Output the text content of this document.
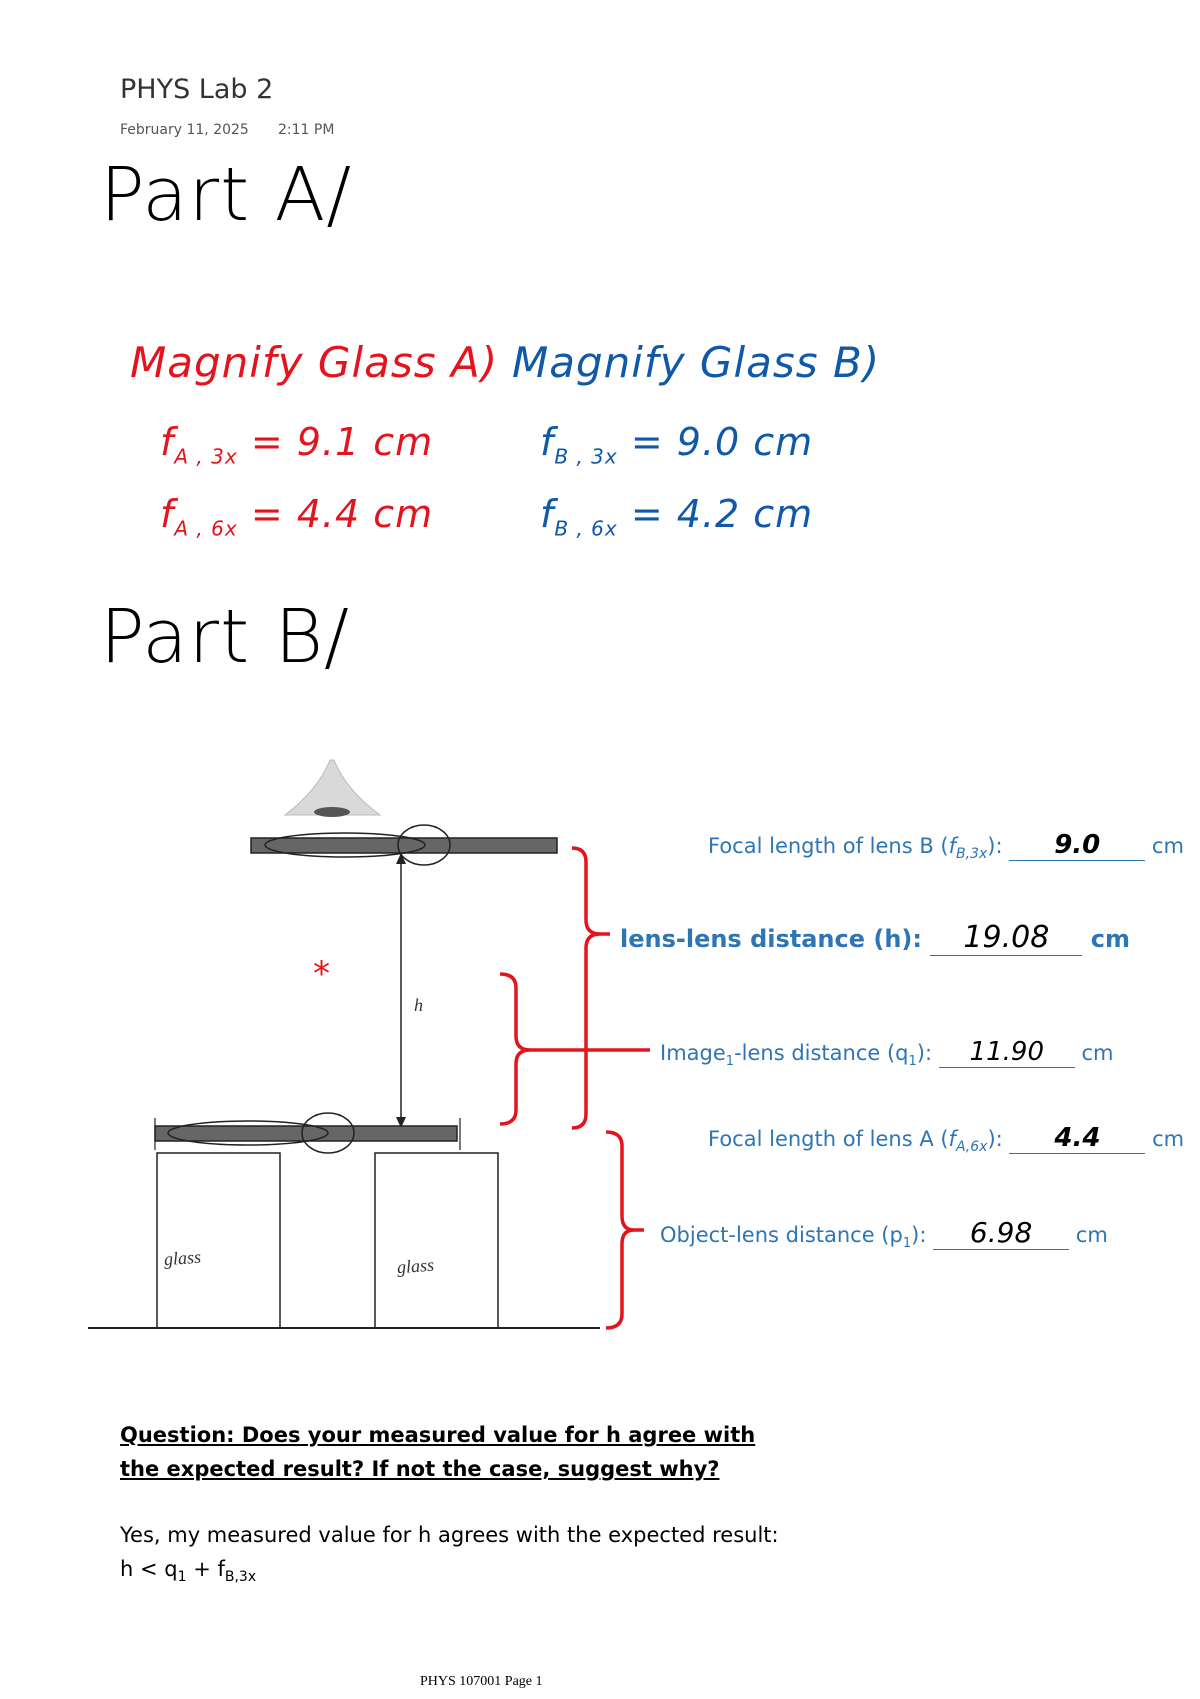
PHYS Lab 2
February 11, 2025 2:11 PM
Part A/
Magnify Glass A)
$f_{A , 3x} = 9.1$ cm
$f_{A , 6x} = 4.4$ cm
Magnify Glass B)
$f_{B , 3x} = 9.0$ cm
$f_{B , 6x} = 4.2$ cm
Part B/
*
h
glass	glass
Focal length of lens B $(f_{B,3x})$: 9.0 cm
lens-lens distance (h): 19.08 cm
Image$_1$-lens distance $(q_1)$: 11.90 cm
Focal length of lens A $(f_{A,6x})$: 4.4 cm
Object-lens distance $(p_1)$: 6.98 cm
Question: Does your measured value for h agree with the expected result? If not the case, suggest why?
Yes, my measured value for h agrees with the expected result: $h < q_1 + f_{B,3x}$
PHYS 107001 Page 1
